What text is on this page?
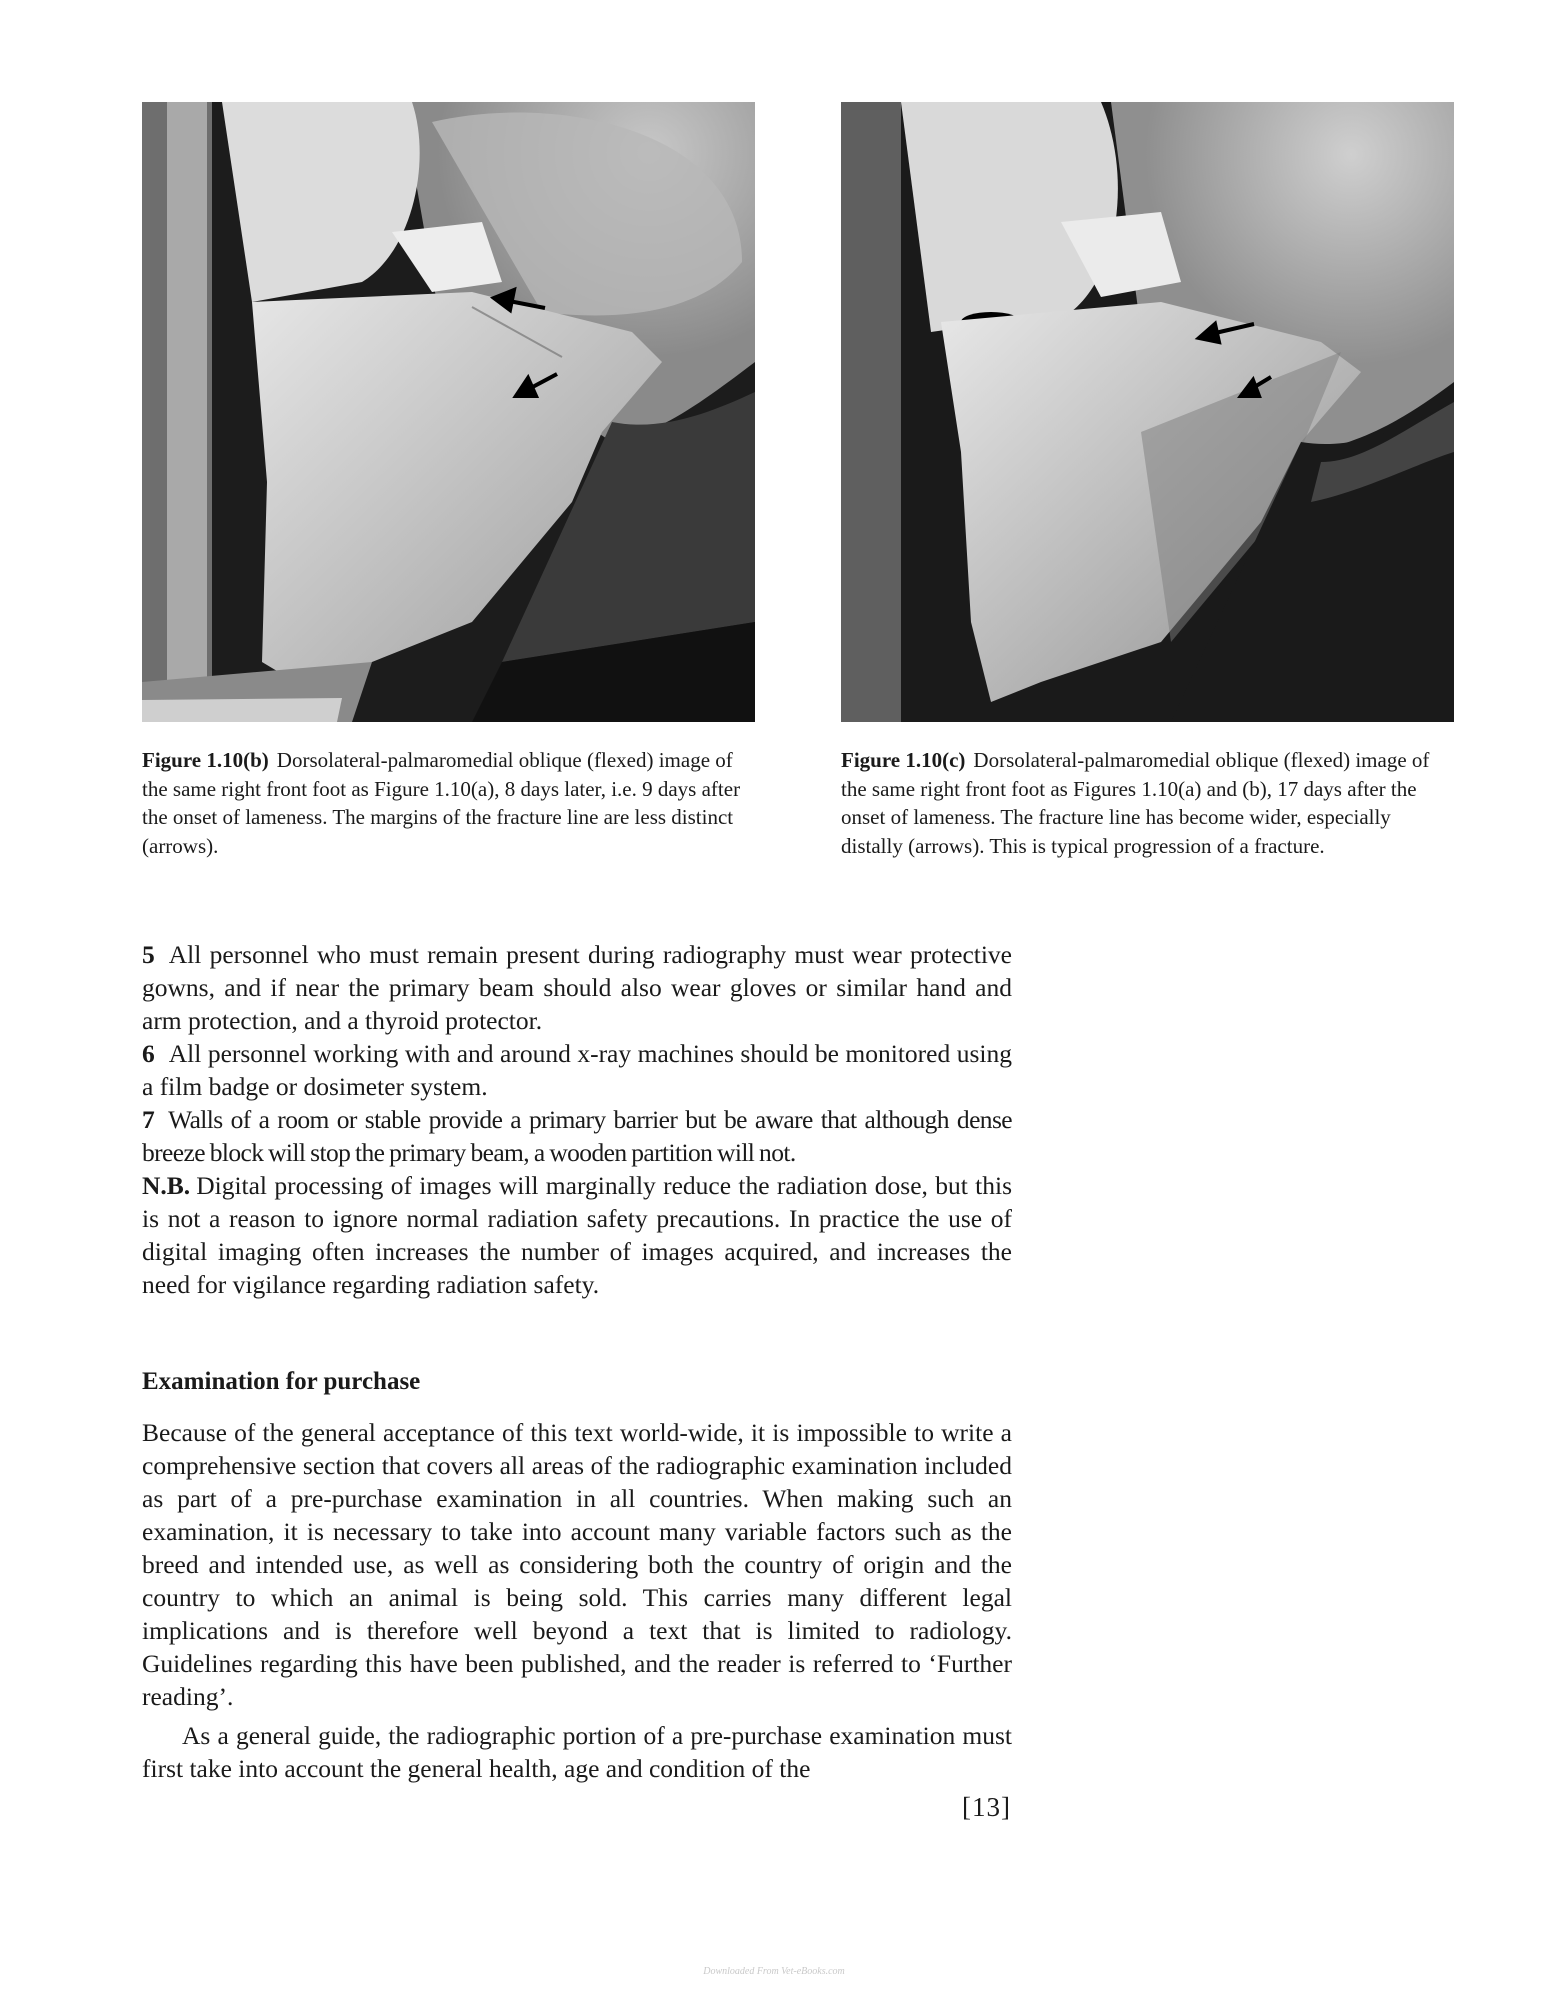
Figure 1.10(b) Dorsolateral-palmaromedial oblique (flexed) image of the same right front foot as Figure 1.10(a), 8 days later, i.e. 9 days after the onset of lameness. The margins of the fracture line are less distinct (arrows).
Figure 1.10(c) Dorsolateral-palmaromedial oblique (flexed) image of the same right front foot as Figures 1.10(a) and (b), 17 days after the onset of lameness. The fracture line has become wider, especially distally (arrows). This is typical progression of a fracture.

5 All personnel who must remain present during radiography must wear protective gowns, and if near the primary beam should also wear gloves or similar hand and arm protection, and a thyroid protector.

6 All personnel working with and around x-ray machines should be monitored using a film badge or dosimeter system.

7 Walls of a room or stable provide a primary barrier but be aware that although dense breeze block will stop the primary beam, a wooden partition will not.

N.B. Digital processing of images will marginally reduce the radiation dose, but this is not a reason to ignore normal radiation safety precautions. In practice the use of digital imaging often increases the number of images acquired, and increases the need for vigilance regarding radiation safety.

Examination for purchase

Because of the general acceptance of this text world-wide, it is impossible to write a comprehensive section that covers all areas of the radiographic examination included as part of a pre-purchase examination in all countries. When making such an examination, it is necessary to take into account many variable factors such as the breed and intended use, as well as considering both the country of origin and the country to which an animal is being sold. This carries many different legal implications and is therefore well beyond a text that is limited to radiology. Guidelines regarding this have been published, and the reader is referred to ‘Further reading’.

As a general guide, the radiographic portion of a pre-purchase examination must first take into account the general health, age and condition of the

[13]
Downloaded From Vet-eBooks.com
